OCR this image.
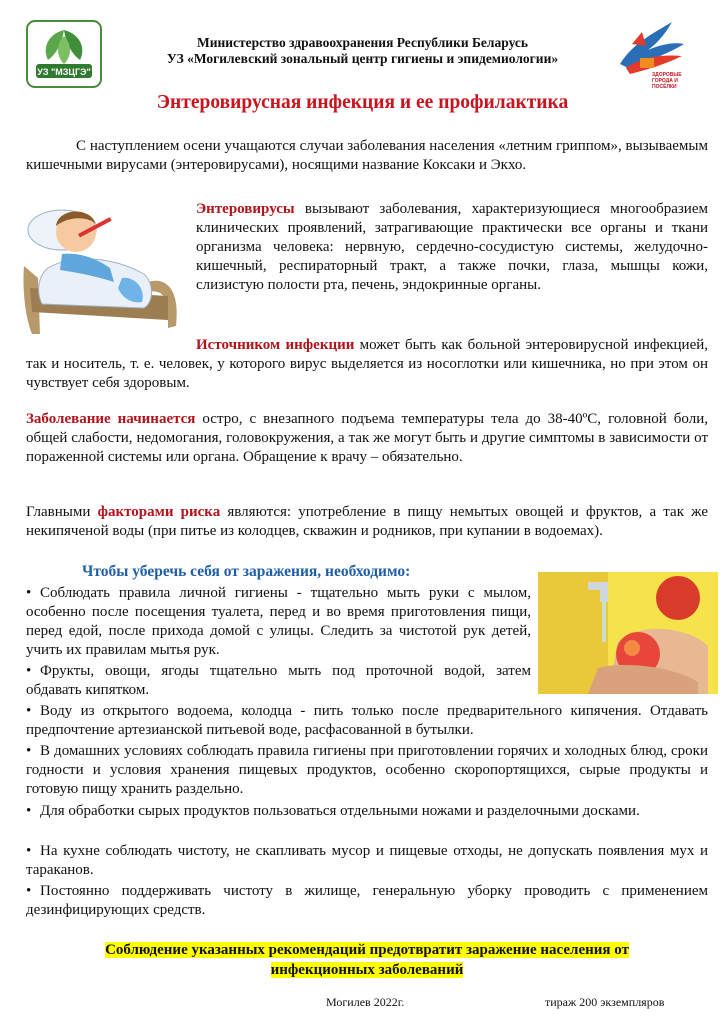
УЗ "МЗЦГЭ"
Министерство здравоохранения Республики Беларусь
УЗ «Могилевский зональный центр гигиены и эпидемиологии»
ЗДОРОВЫЕ ГОРОДА И ПОСЁЛКИ
Энтеровирусная инфекция и ее профилактика

С наступлением осени учащаются случаи заболевания населения «летним гриппом», вызываемым кишечными вирусами (энтеровирусами), носящими название Коксаки и Экхо.

Энтеровирусы вызывают заболевания, характеризующиеся многообразием клинических проявлений, затрагивающие практически все органы и ткани организма человека: нервную, сердечно-сосудистую системы, желудочно-кишечный, респираторный тракт, а также почки, глаза, мышцы кожи, слизистую полости рта, печень, эндокринные органы.

Источником инфекции может быть как больной энтеровирусной инфекцией, так и носитель, т. е. человек, у которого вирус выделяется из носоглотки или кишечника, но при этом он чувствует себя здоровым.

Заболевание начинается остро, с внезапного подъема температуры тела до 38-40ºС, головной боли, общей слабости, недомогания, головокружения, а так же могут быть и другие симптомы в зависимости от пораженной системы или органа. Обращение к врачу – обязательно.

Главными факторами риска являются: употребление в пищу немытых овощей и фруктов, а так же некипяченой воды (при питье из колодцев, скважин и родников, при купании в водоемах).

Чтобы уберечь себя от заражения, необходимо:
• Соблюдать правила личной гигиены - тщательно мыть руки с мылом, особенно после посещения туалета, перед и во время приготовления пищи, перед едой, после прихода домой с улицы. Следить за чистотой рук детей, учить их правилам мытья рук.
• Фрукты, овощи, ягоды тщательно мыть под проточной водой, затем обдавать кипятком.
• Воду из открытого водоема, колодца - пить только после предварительного кипячения. Отдавать предпочтение артезианской питьевой воде, расфасованной в бутылки.
• В домашних условиях соблюдать правила гигиены при приготовлении горячих и холодных блюд, сроки годности и условия хранения пищевых продуктов, особенно скоропортящихся, сырые продукты и готовую пищу хранить раздельно.
• Для обработки сырых продуктов пользоваться отдельными ножами и разделочными досками.
• На кухне соблюдать чистоту, не скапливать мусор и пищевые отходы, не допускать появления мух и тараканов.
• Постоянно поддерживать чистоту в жилище, генеральную уборку проводить с применением дезинфицирующих средств.
Соблюдение указанных рекомендаций предотвратит заражение населения от
инфекционных заболеваний
Могилев 2022г.	тираж 200 экземпляров
